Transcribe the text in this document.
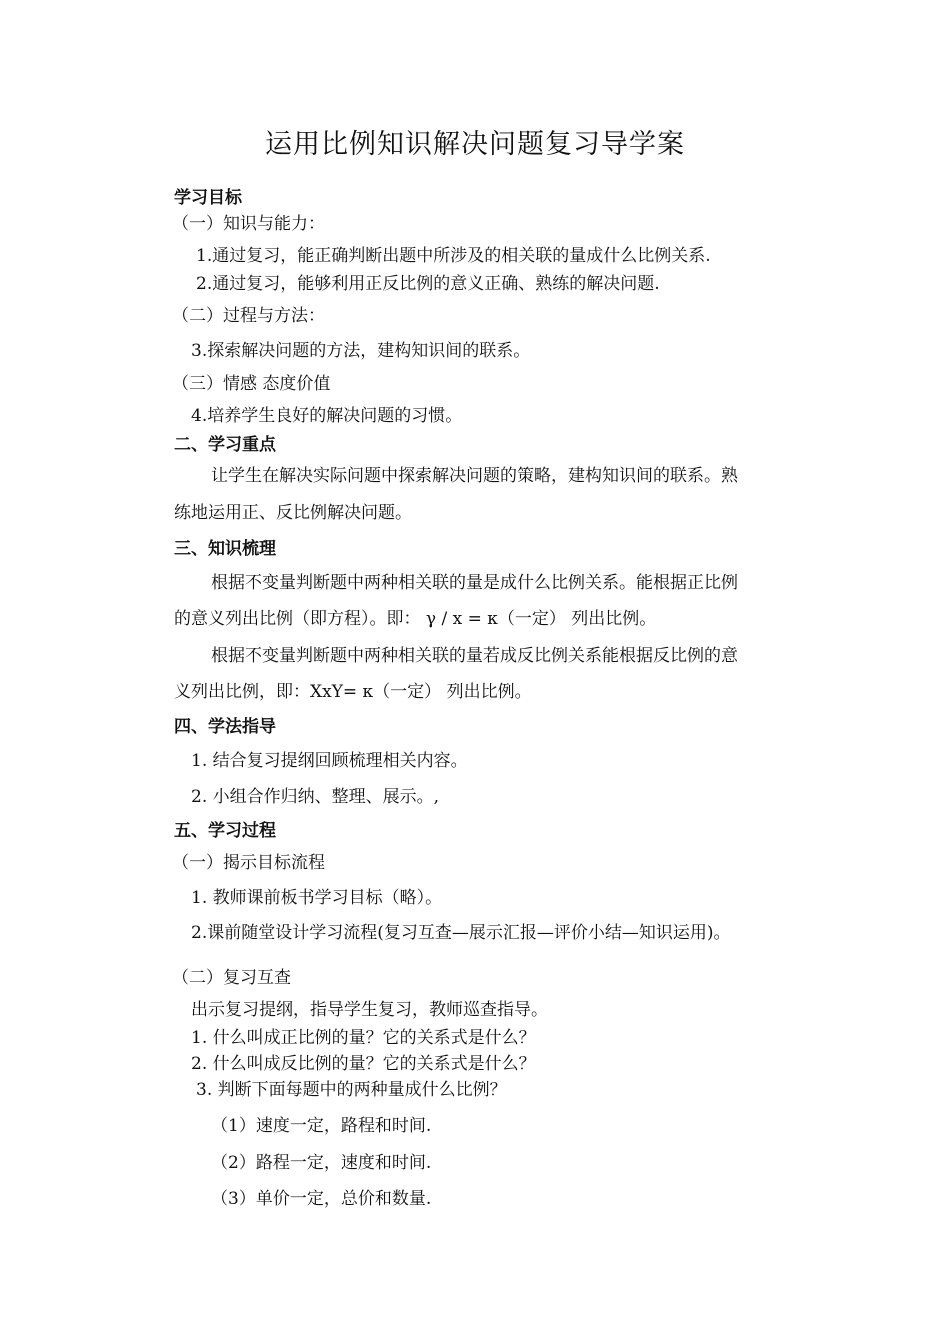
运用比例知识解决问题复习导学案
学习目标
（一）知识与能力：
1.通过复习，能正确判断出题中所涉及的相关联的量成什么比例关系.
2.通过复习，能够利用正反比例的意义正确、熟练的解决问题.
（二）过程与方法：
3.探索解决问题的方法，建构知识间的联系。
（三）情感 态度价值
4.培养学生良好的解决问题的习惯。
二、学习重点
让学生在解决实际问题中探索解决问题的策略，建构知识间的联系。熟
练地运用正、反比例解决问题。
三、知识梳理
根据不变量判断题中两种相关联的量是成什么比例关系。能根据正比例
的意义列出比例（即方程）。即： γ / x = κ（一定） 列出比例。
根据不变量判断题中两种相关联的量若成反比例关系能根据反比例的意
义列出比例，即：XxY= κ（一定） 列出比例。
四、学法指导
1. 结合复习提纲回顾梳理相关内容。
2. 小组合作归纳、整理、展示。,
五、学习过程
（一）揭示目标流程
1. 教师课前板书学习目标（略）。
2.课前随堂设计学习流程(复习互查—展示汇报—评价小结—知识运用)。
（二）复习互查
出示复习提纲，指导学生复习，教师巡查指导。
1. 什么叫成正比例的量？它的关系式是什么？
2. 什么叫成反比例的量？它的关系式是什么？
3. 判断下面每题中的两种量成什么比例？
（1）速度一定，路程和时间.
（2）路程一定，速度和时间.
（3）单价一定，总价和数量.
